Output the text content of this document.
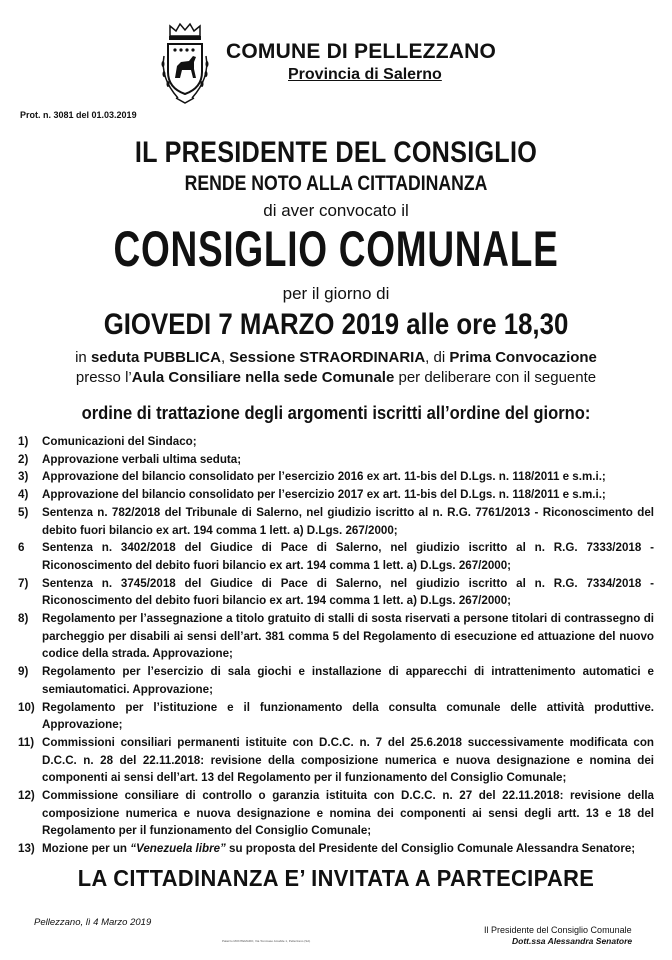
COMUNE DI PELLEZZANO
Provincia di Salerno
Prot. n. 3081 del 01.03.2019
IL PRESIDENTE DEL CONSIGLIO
RENDE NOTO ALLA CITTADINANZA
di aver convocato il
CONSIGLIO COMUNALE
per il giorno di
GIOVEDI 7 MARZO 2019 alle ore 18,30
in seduta PUBBLICA, Sessione STRAORDINARIA, di Prima Convocazione
presso l’Aula Consiliare nella sede Comunale per deliberare con il seguente
ordine di trattazione degli argomenti iscritti all’ordine del giorno:
1) Comunicazioni del Sindaco;
2) Approvazione verbali ultima seduta;
3) Approvazione del bilancio consolidato per l’esercizio 2016 ex art. 11-bis del D.Lgs. n. 118/2011 e s.m.i.;
4) Approvazione del bilancio consolidato per l’esercizio 2017 ex art. 11-bis del D.Lgs. n. 118/2011 e s.m.i.;
5) Sentenza n. 782/2018 del Tribunale di Salerno, nel giudizio iscritto al n. R.G. 7761/2013 - Riconoscimento del debito fuori bilancio ex art. 194 comma 1 lett. a) D.Lgs. 267/2000;
6 Sentenza n. 3402/2018 del Giudice di Pace di Salerno, nel giudizio iscritto al n. R.G. 7333/2018 - Riconoscimento del debito fuori bilancio ex art. 194 comma 1 lett. a) D.Lgs. 267/2000;
7) Sentenza n. 3745/2018 del Giudice di Pace di Salerno, nel giudizio iscritto al n. R.G. 7334/2018 - Riconoscimento del debito fuori bilancio ex art. 194 comma 1 lett. a) D.Lgs. 267/2000;
8) Regolamento per l’assegnazione a titolo gratuito di stalli di sosta riservati a persone titolari di contrassegno di parcheggio per disabili ai sensi dell’art. 381 comma 5 del Regolamento di esecuzione ed attuazione del nuovo codice della strada. Approvazione;
9) Regolamento per l’esercizio di sala giochi e installazione di apparecchi di intrattenimento automatici e semiautomatici. Approvazione;
10) Regolamento per l’istituzione e il funzionamento della consulta comunale delle attività produttive. Approvazione;
11) Commissioni consiliari permanenti istituite con D.C.C. n. 7 del 25.6.2018 successivamente modificata con D.C.C. n. 28 del 22.11.2018: revisione della composizione numerica e nuova designazione e nomina dei componenti ai sensi dell’art. 13 del Regolamento per il funzionamento del Consiglio Comunale;
12) Commissione consiliare di controllo o garanzia istituita con D.C.C. n. 27 del 22.11.2018: revisione della composizione numerica e nuova designazione e nomina dei componenti ai sensi degli artt. 13 e 18 del Regolamento per il funzionamento del Consiglio Comunale;
13) Mozione per un “Venezuela libre” su proposta del Presidente del Consiglio Comunale Alessandra Senatore;
LA CITTADINANZA E’ INVITATA A PARTECIPARE
Pellezzano, lì 4 Marzo 2019
Palazzo MONTEMARO, Via Tommaso Amabile 1, Pellezzano (SA)
Il Presidente del Consiglio Comunale
Dott.ssa Alessandra Senatore
